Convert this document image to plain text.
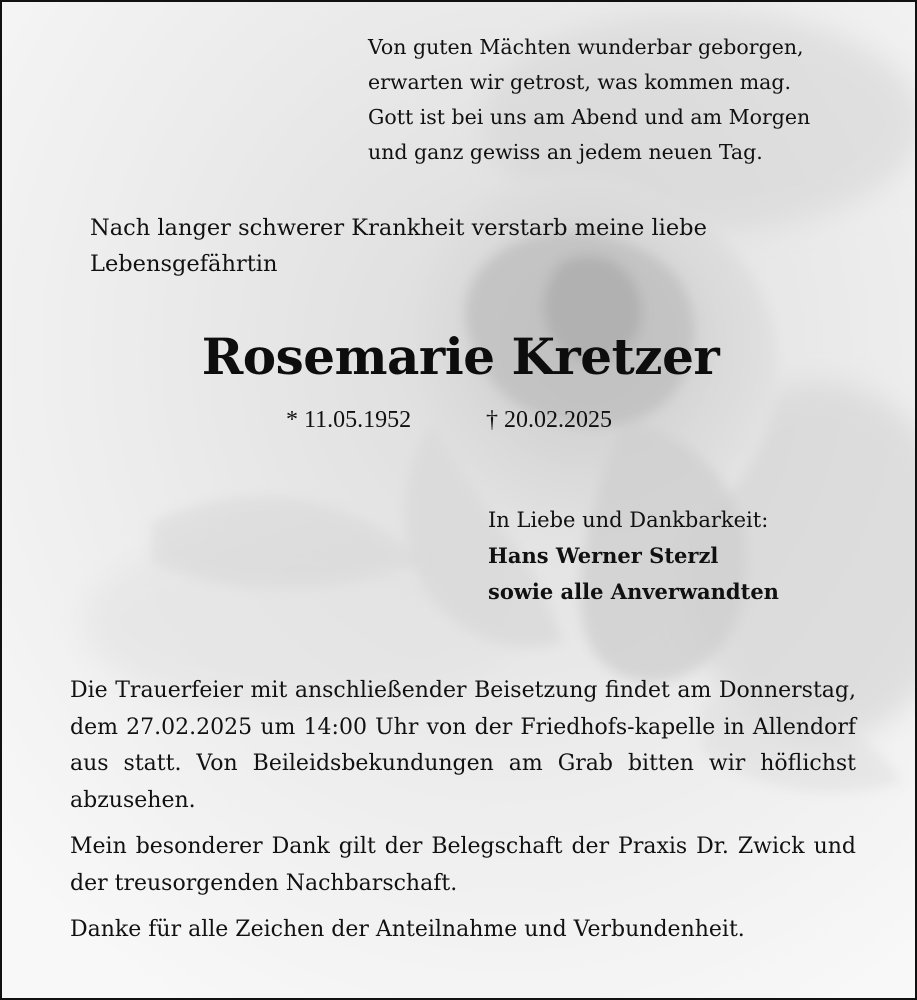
Von guten Mächten wunderbar geborgen,
erwarten wir getrost, was kommen mag.
Gott ist bei uns am Abend und am Morgen
und ganz gewiss an jedem neuen Tag.
Nach langer schwerer Krankheit verstarb meine liebe
Lebensgefährtin
Rosemarie Kretzer
* 11.05.1952	† 20.02.2025
In Liebe und Dankbarkeit:
Hans Werner Sterzl
sowie alle Anverwandten

Die Trauerfeier mit anschließender Beisetzung findet am Donnerstag, dem 27.02.2025 um 14:00 Uhr von der Friedhofs-kapelle in Allendorf aus statt. Von Beileidsbekundungen am Grab bitten wir höflichst abzusehen.

Mein besonderer Dank gilt der Belegschaft der Praxis Dr. Zwick und der treusorgenden Nachbarschaft.

Danke für alle Zeichen der Anteilnahme und Verbundenheit.
